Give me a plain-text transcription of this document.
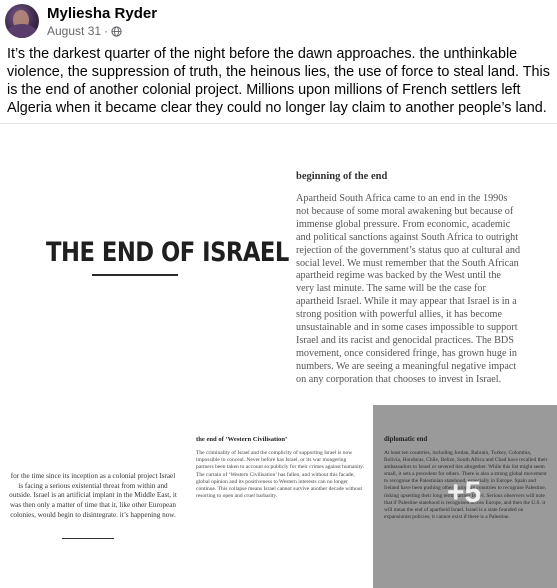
Myliesha Ryder
August 31 ·
It’s the darkest quarter of the night before the dawn approaches. the unthinkable violence, the suppression of truth, the heinous lies, the use of force to steal land. This is the end of another colonial project. Millions upon millions of French settlers left Algeria when it became clear they could no longer lay claim to another people’s land.
THE END OF ISRAEL
beginning of the end
Apartheid South Africa came to an end in the 1990s not because of some moral awakening but because of immense global pressure. From economic, academic and political sanctions against South Africa to outright rejection of the government’s status quo at cultural and social level. We must remember that the South African apartheid regime was backed by the West until the very last minute. The same will be the case for apartheid Israel. While it may appear that Israel is in a strong position with powerful allies, it has become unsustainable and in some cases impossible to support Israel and its racist and genocidal practices. The BDS movement, once considered fringe, has grown huge in numbers. We are seeing a meaningful negative impact on any corporation that chooses to invest in Israel.
for the time since its inception as a colonial project Israel is facing a serious existential threat from within and outside. Israel is an artificial implant in the Middle East, it was then only a matter of time that it, like other European colonies, would begin to disintegrate. it’s happening now.
the end of ‘Western Civilisation’
The criminality of Israel and the complicity of supporting Israel is now impossible to conceal. Never before has Israel, or its war mongering partners been taken to account so publicly for their crimes against humanity. The curtain of ‘Western Civilisation’ has fallen, and without this facade, global opinion and its positiveness to Western interests can no longer continue. This collapse means Israel cannot survive another decade without resorting to open and cruel barbarity.
diplomatic end
At least ten countries, including Jordan, Bahrain, Turkey, Colombia, Bolivia, Honduras, Chile, Belize, South Africa and Chad have recalled their ambassadors to Israel or severed ties altogether. While this list might seem small, it sets a precedent for others. There is also a strong global movement to recognise the Palestinian statehood, especially in Europe. Spain and Ireland have been pushing other European countries to recognise Palestine, risking upsetting their long term Partner Israel. Serious observers will note that if Palestine statehood is recognised across Europe, and then the U.S. it will mean the end of apartheid Israel. Israel is a state founded on expansionist policies; it cannot exist if there is a Palestine.
+5
